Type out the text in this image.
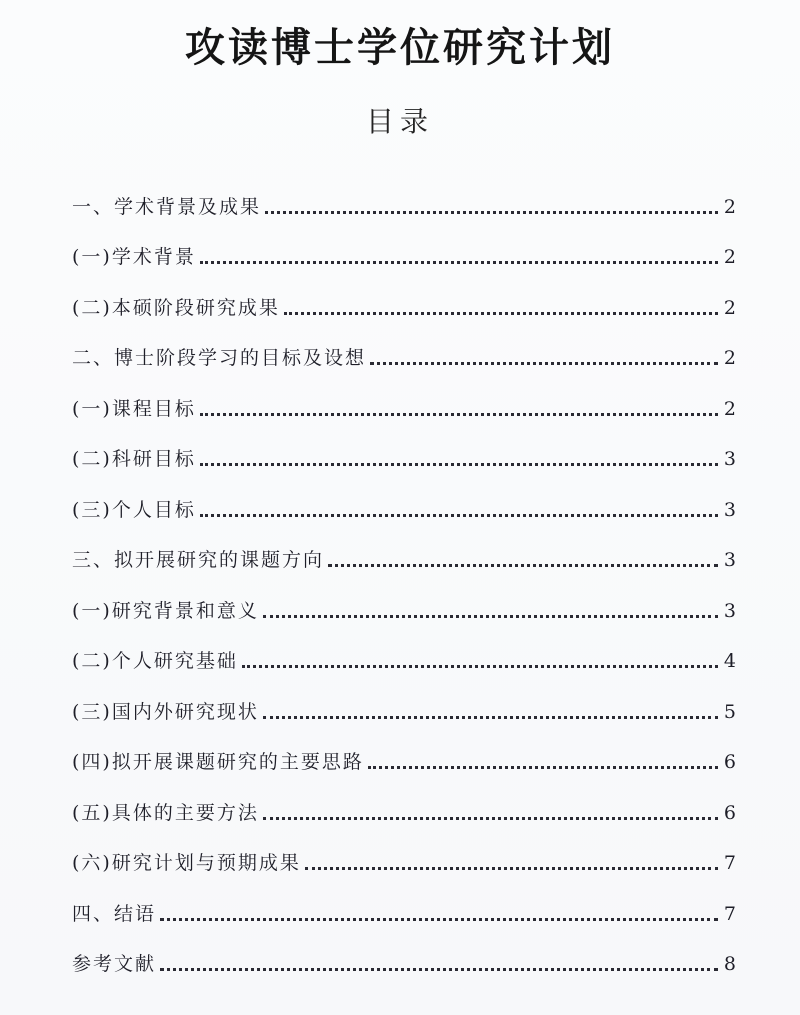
攻读博士学位研究计划
目录
一、学术背景及成果	2
(一)学术背景	2
(二)本硕阶段研究成果	2
二、博士阶段学习的目标及设想	2
(一)课程目标	2
(二)科研目标	3
(三)个人目标	3
三、拟开展研究的课题方向	3
(一)研究背景和意义	3
(二)个人研究基础	4
(三)国内外研究现状	5
(四)拟开展课题研究的主要思路	6
(五)具体的主要方法	6
(六)研究计划与预期成果	7
四、结语	7
参考文献	8
